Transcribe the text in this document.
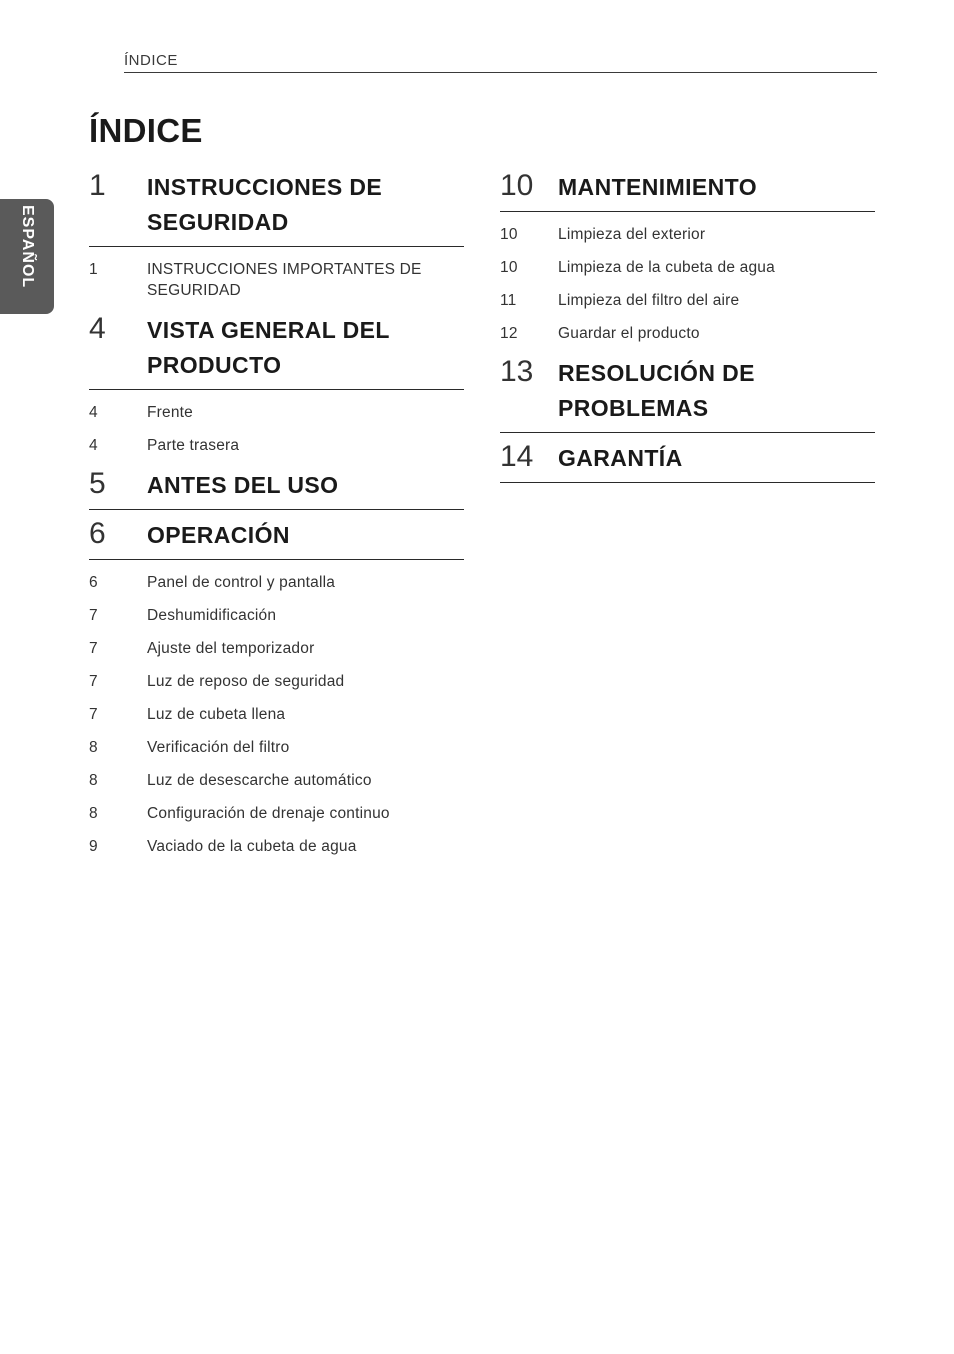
ÍNDICE
ÍNDICE
ESPAÑOL
1	INSTRUCCIONES DE SEGURIDAD
1	INSTRUCCIONES IMPORTANTES DE SEGURIDAD
4	VISTA GENERAL DEL PRODUCTO
4	Frente
4	Parte trasera
5	ANTES DEL USO
6	OPERACIÓN
6	Panel de control y pantalla
7	Deshumidificación
7	Ajuste del temporizador
7	Luz de reposo de seguridad
7	Luz de cubeta llena
8	Verificación del filtro
8	Luz de desescarche automático
8	Configuración de drenaje continuo
9	Vaciado de la cubeta de agua
10	MANTENIMIENTO
10	Limpieza del exterior
10	Limpieza de la cubeta de agua
11	Limpieza del filtro del aire
12	Guardar el producto
13	RESOLUCIÓN DE PROBLEMAS
14	GARANTÍA
